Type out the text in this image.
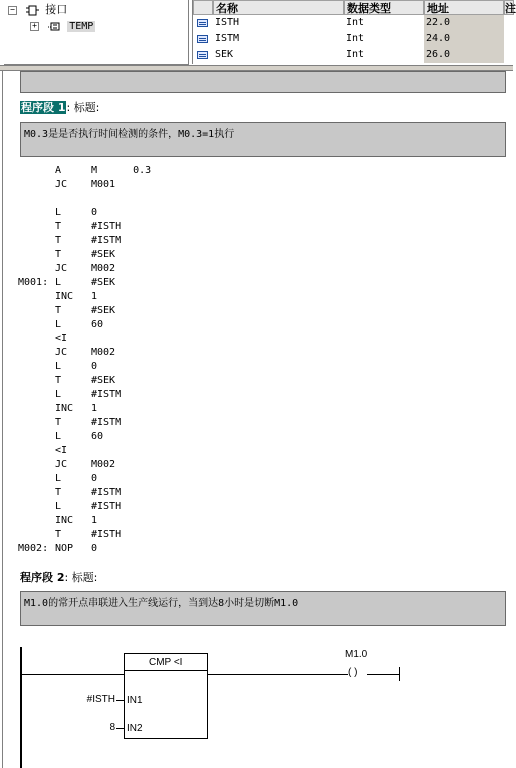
−	接口
+	TEMP
名称	数据类型	地址	注
ISTH	Int	22.0
ISTM	Int	24.0
SEK	Int	26.0
程序段 1: 标题:
M0.3是是否执行时间检测的条件，M0.3=1执行
A	M      0.3
JC M001
L	0
T	#ISTH
T	#ISTM
T	#SEK
JC M002
M001: L	#SEK
INC 1
T	#SEK
L	60
<I
JC M002
L	0
T	#SEK
L	#ISTM
INC 1
T	#ISTM
L	60
<I
JC M002
L	0
T	#ISTM
L	#ISTH
INC 1
T	#ISTH
M002: NOP 0
程序段 2: 标题:
M1.0的常开点串联进入生产线运行，当到达8小时是切断M1.0
CMP <I
IN1
IN2
#ISTH
8
M1.0
( )
